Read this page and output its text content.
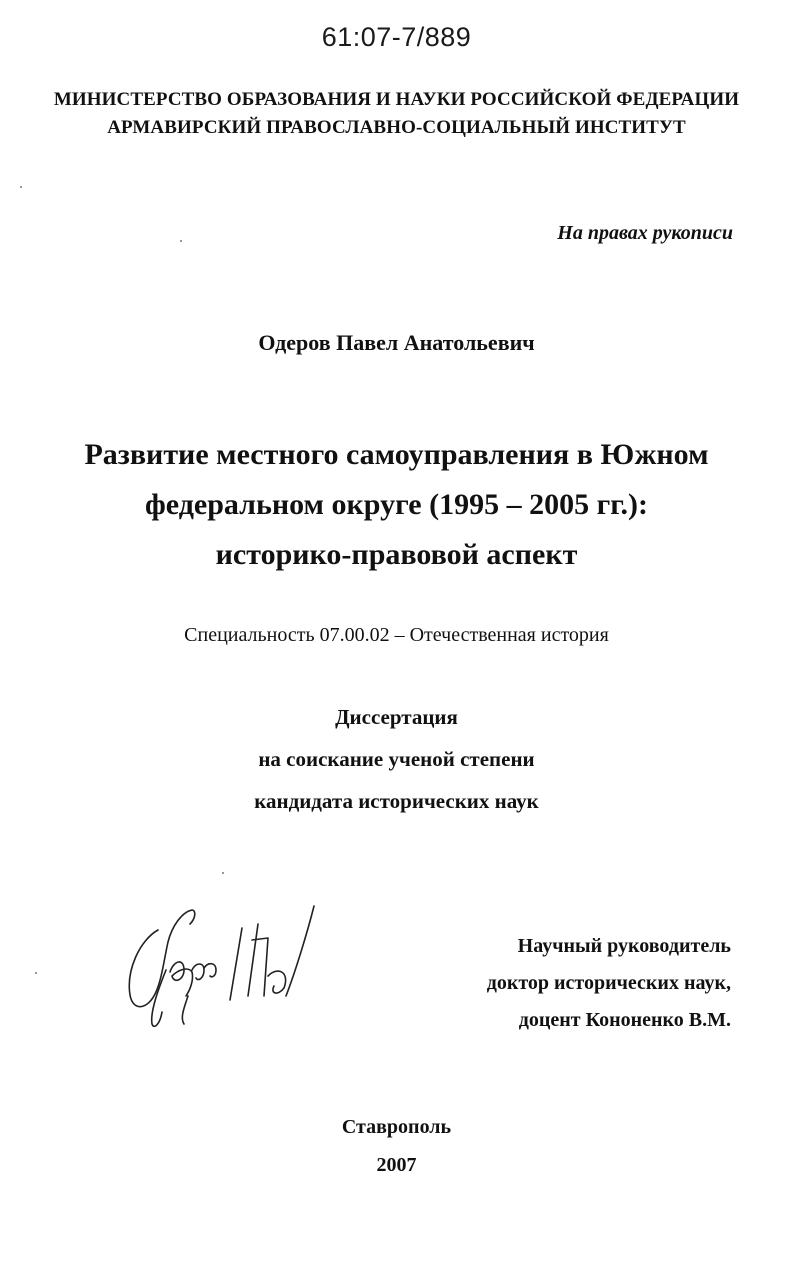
61:07-7/889
МИНИСТЕРСТВО ОБРАЗОВАНИЯ И НАУКИ РОССИЙСКОЙ ФЕДЕРАЦИИ
АРМАВИРСКИЙ ПРАВОСЛАВНО-СОЦИАЛЬНЫЙ ИНСТИТУТ
На правах рукописи
Одеров Павел Анатольевич
Развитие местного самоуправления в Южном
федеральном округе (1995 – 2005 гг.):
историко-правовой аспект
Специальность 07.00.02 – Отечественная история
Диссертация
на соискание ученой степени
кандидата исторических наук
Научный руководитель
доктор исторических наук,
доцент Кононенко В.М.
Ставрополь
2007
